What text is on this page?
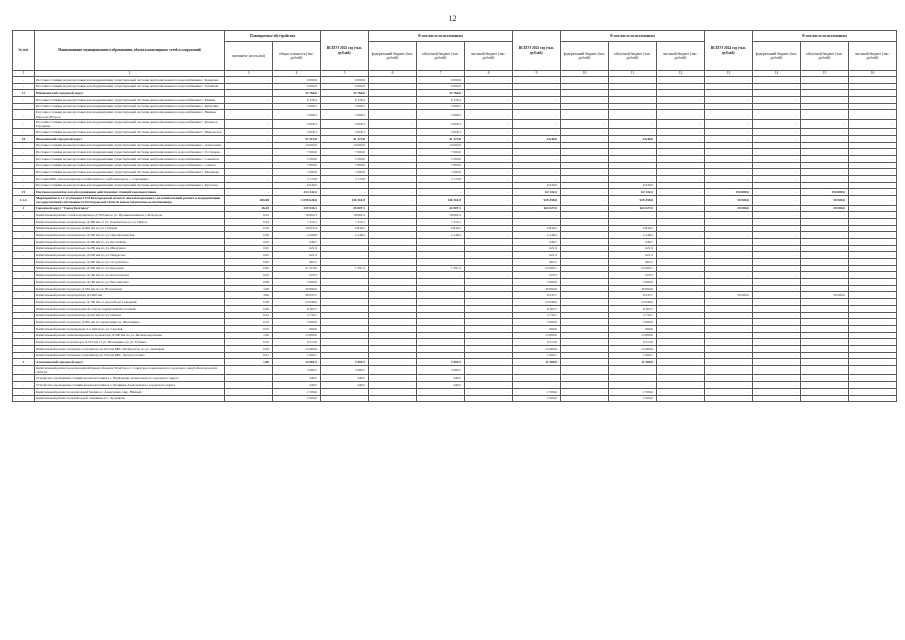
12
№ п/п	Наименование муниципального образования, объекта инженерных сетей и сооружений	Планируемые обустройства		ВСЕГО 2022 год (тыс. рублей)	В том числе по источникам			ВСЕГО 2023 год (тыс. рублей)	В том числе по источникам			ВСЕГО 2024 год (тыс. рублей)	В том числе по источникам		
		протяжён- ность (км)	общая стоимость (тыс. рублей)		федеральный бюджет (тыс. рублей)	областной бюджет (тыс. рублей)	местный бюджет (тыс. рублей)		федеральный бюджет (тыс. рублей)	областной бюджет (тыс. рублей)	местный бюджет (тыс. рублей)		федеральный бюджет (тыс. рублей)	областной бюджет (тыс. рублей)	местный бюджет (тыс. рублей)
1	2	3	4	5	6	7	8	9	10	11	12	13	14	15	16
-	Поставка станции водоподготовки для модернизации существующей системы централизованного водоснабжения с. Комарово	-	9 609,9	9 609,9	-	9 609,9	-	-	-	-	-	-	-	-	-
-	Поставка станции водоподготовки для модернизации существующей системы централизованного водоснабжения с. Гетманов	-	9 609,9	9 609,9	-	9 609,9	-	-	-	-	-	-	-	-	-
17	Шебекинский городской округ	-	32 766,6	32 766,6	-	32 766,6	-	-	-	-	-	-	-	-	-
-	Поставка станции водоподготовки для модернизации существующей системы централизованного водоснабжения с. Ржевка	-	9 129,4	9 129,4	-	9 129,4	-	-	-	-	-	-	-	-	-
-	Поставка станции водоподготовки для модернизации существующей системы централизованного водоснабжения с. Купцовка	-	5 909,3	5 909,3	-	5 909,3	-	-	-	-	-	-	-	-	-
-	Поставка станции водоподготовки для модернизации существующей системы централизованного водоснабжения с. Нижнее Березово-Второе	-	5 909,3	5 909,3	-	5 909,3	-	-	-	-	-	-	-	-	-
-	Поставка станции водоподготовки для модернизации существующей системы централизованного водоснабжения с. Большое Городище	-	5 909,3	5 909,3	-	5 909,3	-	-	-	-	-	-	-	-	-
-	Поставка станции водоподготовки для модернизации существующей системы централизованного водоснабжения с. Никольское	-	5 909,3	5 909,3	-	5 909,3	-	-	-	-	-	-	-	-	-
18	Яковлевский городской округ	-	47 415,8	41 375,8	-	41 375,8	-	6 040,0	-	6 040,0	-	-	-	-	-
-	Поставка станции водоподготовки для модернизации существующей системы централизованного водоснабжения с. Алексеевка	-	10 000,0	10 000,0	-	10 000,0	-	-	-	-	-	-	-	-	-
-	Поставка станции водоподготовки для модернизации существующей системы централизованного водоснабжения с. Гостищево	-	7 900,0	7 900,0	-	7 900,0	-	-	-	-	-	-	-	-	-
-	Поставка станции водоподготовки для модернизации существующей системы централизованного водоснабжения с. Саженное	-	5 500,0	5 500,0	-	5 500,0	-	-	-	-	-	-	-	-	-
-	Поставка станции водоподготовки для модернизации существующей системы централизованного водоснабжения с. Сажное	-	7 800,0	7 800,0	-	7 800,0	-	-	-	-	-	-	-	-	-
-	Поставка станции водоподготовки для модернизации существующей системы централизованного водоснабжения с. Мелихово	-	7 000,0	7 000,0	-	7 000,0	-	-	-	-	-	-	-	-	-
-	Поставка БВС для водопровода хозяйственного трубопровода в с. Стрелецкое	-	3 175,8	3 175,8	-	3 175,8	-	-	-	-	-	-	-	-	-
-	Поставка станции водоподготовки для модернизации существующей системы централизованного водоснабжения с. Кустовое	-	6 040,0	-	-	-	-	6 040,0	-	6 040,0	-	-	-	-	-
19	Поставка реагентов для обслуживания действующих станций водоподготовки	-	214 142,4	-	-	-	-	64 142,4	-	64 142,4	-	150 000,0	-	150 000,0	-
1.1.2.	Мероприятие 6.1.2 «Субсидия ГУП Белгородской области «Белоблводоканал» на капитальный ремонт и модернизацию государственной собственности Белгородской области (иные бюджетные ассигнования)»	206,08	1 095 620,6	136 161,8	-	136 161,8	-	929 458,8	-	929 458,8	-	30 000,0	-	30 000,0	-
1	Городской округ "Город Белгород"	16,03	237 634,1	45 007,1	-	42 007,1	-	162 627,0	-	162 627,0	-	30 000,0	-	30 000,0	-
-	Капитальный ремонт сетей водопровода Д 300 мм по ул. Промышленная в г. Белгороде	0,22	18 602,3	18 602,3	-	18 602,3	-	-	-	-	-	-	-	-	-
-	Капитальный ремонт водопровода Д-400 мм от ул. Лермонтова до ул. Щорса	0,23	7 113,1	7 113,1	-	7 113,1	-	-	-	-	-	-	-	-	-
-	Капитальный ремонт водовода Д-400 мм по ул. Губкина	0,50	19 872,4	9 836,2	-	9 836,2	-	9 836,2	-	9 836,2	-	-	-	-	-
-	Капитальный ремонт водопровода Д-300 мм по ул. Преображенская	0,30	4 296,8	2 148,4	-	2 148,4	-	2 148,4	-	2 148,4	-	-	-	-	-
-	Капитальный ремонт водопровода Д-300 мм по ул. Костюкова	0,05	249,7	-	-	-	-	249,7	-	249,7	-	-	-	-	-
-	Капитальный ремонт водопровода Д-200 мм по ул. Мичурина	0,05	621,9	-	-	-	-	621,9	-	621,9	-	-	-	-	-
-	Капитальный ремонт водопровода Д-200 мм по ул. Некрасова	0,05	621,3	-	-	-	-	621,3	-	621,3	-	-	-	-	-
-	Капитальный ремонт водопровода Д-200 мм по ул. Островского	0,05	997,5	-	-	-	-	997,5	-	997,5	-	-	-	-	-
-	Капитальный ремонт водопровода Д-500 мм по ул. Королева	0,95	57 210,0	7 307,3	-	7 307,3	-	23 900,7	-	23 900,7	-	-	-	-	-
-	Капитальный ремонт водопровода Д-160 мм по ул. Корочанская	0,05	976,3	-	-	-	-	976,3	-	976,3	-	-	-	-	-
-	Капитальный ремонт водопровода Д-160 мм по ул. Ворошилова	0,08	3 000,0	-	-	-	-	3 000,0	-	3 000,0	-	-	-	-	-
-	Капитальный ремонт водовода Д-530 мм по ул. Волчанская	1,00	30 000,0	-	-	-	-	30 000,0	-	30 000,0	-	-	-	-	-
-	Капитальный ремонт водопровода Д-1000 мм	3,00	39 933,7	-	-	-	-	9 933,7	-	9 933,7	-	30 000,0	-	30 000,0	-
-	Капитальный ремонт водопровода Д-700 мм от водозабора Северный	0,38	23 940,0	-	-	-	-	23 940,0	-	23 940,0	-	-	-	-	-
-	Капитальный ремонт водопроводной сети на территории Восточный	0,06	9 367,5	-	-	-	-	9 367,5	-	9 367,5	-	-	-	-	-
-	Капитальный ремонт водопровода Д-225 мм по ул. Попова	0,22	2 733,7	-	-	-	-	2 733,7	-	2 733,7	-	-	-	-	-
-	Капитальный ремонт водовода Д-400 мм по территории ул. Шаландина	0,22	5 000,0	-	-	-	-	5 000,0	-	5 000,0	-	-	-	-	-
-	Капитальный ремонт водопровода 2-х ниток по ул. Садовая	0,05	600,0	-	-	-	-	600,0	-	600,0	-	-	-	-	-
-	Капитальный ремонт канализационного коллектора Д-500 мм по ул. Железнодорожная	1,00	15 000,0	-	-	-	-	15 000,0	-	15 000,0	-	-	-	-	-
-	Капитальный ремонт коллектора Д-315 мм от ул. Шаландина до ул. Губкина	0,35	6 213,0	-	-	-	-	6 213,0	-	6 213,0	-	-	-	-	-
-	Капитальный ремонт напорного коллектора Д-225 мм КНС Мелиоратор по ул. Донецкая	0,50	15 900,0	-	-	-	-	15 900,0	-	15 900,0	-	-	-	-	-
-	Капитальный ремонт напорного коллектора Д-150 мм КНС Детского парка	0,01	1 683,7	-	-	-	-	1 683,7	-	1 683,7	-	-	-	-	-
2	Алексеевский городской округ	1,00	15 881,5	4 381,5	-	4 381,5	-	11 500,0	-	11 500,0	-	-	-	-	-
-	Капитальный ремонт водопроводной башни объемом 50 куб.м в с. Советское Алексеевского городского округа Белгородской области	-	3 482,5	3 482,5	-	3 482,5	-	-	-	-	-	-	-	-	-
-	Устройство ограждения станции водоподготовки в с. Варваровка Алексеевского городского округа	-	449,5	449,5	-	449,5	-	-	-	-	-	-	-	-	-
-	Устройство ограждения станции водоподготовки в с. Кущинка Алексеевского городского округа	-	449,5	449,5	-	449,5	-	-	-	-	-	-	-	-	-
-	Капитальный ремонт водонапорной башни в г. Алексеевка, мкр. Южный	-	2 500,0	-	-	-	-	2 500,0	-	2 500,0	-	-	-	-	-
-	Капитальный ремонт водонапорной скважины в с. Луценково	-	2 000,0	-	-	-	-	2 000,0	-	2 000,0	-	-	-	-	-
